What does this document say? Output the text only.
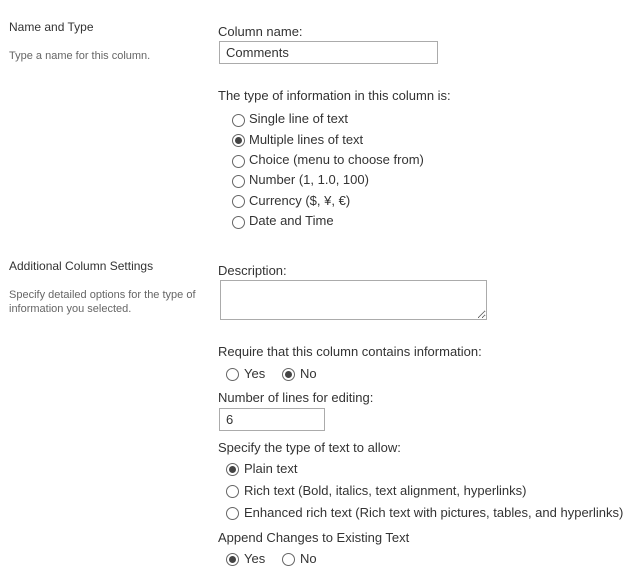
Name and Type
Type a name for this column.
Column name:
Comments
The type of information in this column is:
Single line of text
Multiple lines of text
Choice (menu to choose from)
Number (1, 1.0, 100)
Currency ($, ¥, €)
Date and Time
Additional Column Settings
Specify detailed options for the type of
information you selected.
Description:
Require that this column contains information:
Yes	No
Number of lines for editing:
6
Specify the type of text to allow:
Plain text
Rich text (Bold, italics, text alignment, hyperlinks)
Enhanced rich text (Rich text with pictures, tables, and hyperlinks)
Append Changes to Existing Text
Yes	No
